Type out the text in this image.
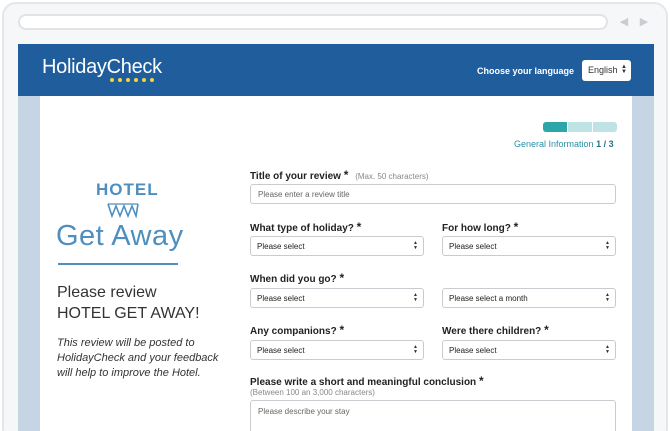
◀ ▶
HolidayCheck	Choose your language	English ▲
▼
General Information 1 / 3
HOTEL
Get Away
Please review
HOTEL GET AWAY!
This review will be posted to HolidayCheck and your feedback will help to improve the Hotel.
Title of your review * (Max. 50 characters)
Please enter a review title
What type of holiday? *
Please select	▲
▼
For how long? *
Please select	▲
▼
When did you go? *
Please select	▲
▼	Please select a month	▲
▼
Any companions? *
Please select	▲
▼
Were there children? *
Please select	▲
▼
Please write a short and meaningful conclusion *
(Between 100 an 3,000 characters)
Please describe your stay
